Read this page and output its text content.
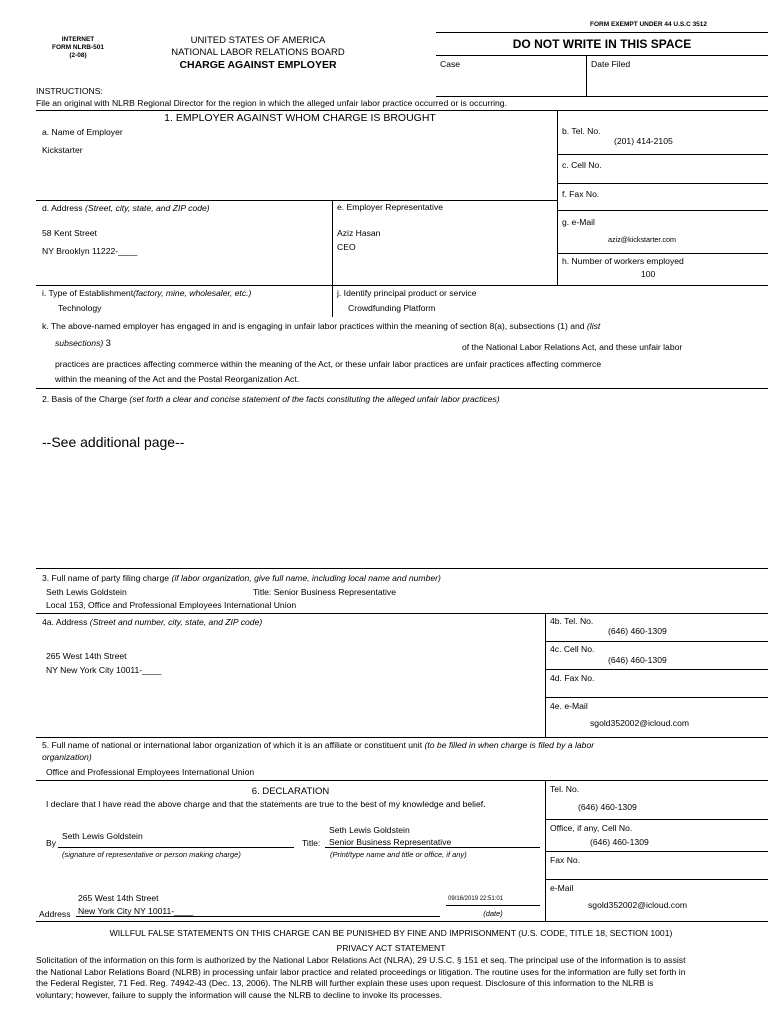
INTERNET
FORM NLRB-501
(2-08)
UNITED STATES OF AMERICA
NATIONAL LABOR RELATIONS BOARD
CHARGE AGAINST EMPLOYER
FORM EXEMPT UNDER 44 U.S.C 3512
DO NOT WRITE IN THIS SPACE
Case	Date Filed
INSTRUCTIONS:
File an original with NLRB Regional Director for the region in which the alleged unfair labor practice occurred or is occurring.
1. EMPLOYER AGAINST WHOM CHARGE IS BROUGHT
a. Name of Employer
Kickstarter
b. Tel. No.
(201) 414-2105
c. Cell No.
f. Fax No.
d. Address (Street, city, state, and ZIP code)
58 Kent Street
NY Brooklyn 11222-____
e. Employer Representative
Aziz Hasan
CEO
g. e-Mail
aziz@kickstarter.com
h. Number of workers employed
100
i. Type of Establishment(factory, mine, wholesaler, etc.)
Technology
j. Identify principal product or service
Crowdfunding Platform
k. The above-named employer has engaged in and is engaging in unfair labor practices within the meaning of section 8(a), subsections (1) and (list
subsections) 3	of the National Labor Relations Act, and these unfair labor
practices are practices affecting commerce within the meaning of the Act, or these unfair labor practices are unfair practices affecting commerce
within the meaning of the Act and the Postal Reorganization Act.
2. Basis of the Charge (set forth a clear and concise statement of the facts constituting the alleged unfair labor practices)
--See additional page--
3. Full name of party filing charge (if labor organization, give full name, including local name and number)
Seth Lewis Goldstein	Title: Senior Business Representative
Local 153, Office and Professional Employees International Union
4a. Address (Street and number, city, state, and ZIP code)
265 West 14th Street
NY New York City 10011-____
4b. Tel. No.
(646) 460-1309
4c. Cell No.
(646) 460-1309
4d. Fax No.
4e. e-Mail
sgold352002@icloud.com
5. Full name of national or international labor organization of which it is an affiliate or constituent unit (to be filled in when charge is filed by a labor
organization)
Office and Professional Employees International Union
6. DECLARATION
I declare that I have read the above charge and that the statements are true to the best of my knowledge and belief.
By
Seth Lewis Goldstein
(signature of representative or person making charge)
Title:
Seth Lewis Goldstein
Senior Business Representative
(Print/type name and title or office, if any)
265 West 14th Street
Address New York City NY 10011-____
09/16/2019 22:51:01
(date)
Tel. No.
(646) 460-1309
Office, if any, Cell No.
(646) 460-1309
Fax No.
e-Mail
sgold352002@icloud.com
WILLFUL FALSE STATEMENTS ON THIS CHARGE CAN BE PUNISHED BY FINE AND IMPRISONMENT (U.S. CODE, TITLE 18, SECTION 1001)
PRIVACY ACT STATEMENT
Solicitation of the information on this form is authorized by the National Labor Relations Act (NLRA), 29 U.S.C. § 151 et seq. The principal use of the information is to assist
the National Labor Relations Board (NLRB) in processing unfair labor practice and related proceedings or litigation. The routine uses for the information are fully set forth in
the Federal Register, 71 Fed. Reg. 74942-43 (Dec. 13, 2006). The NLRB will further explain these uses upon request. Disclosure of this information to the NLRB is
voluntary; however, failure to supply the information will cause the NLRB to decline to invoke its processes.
